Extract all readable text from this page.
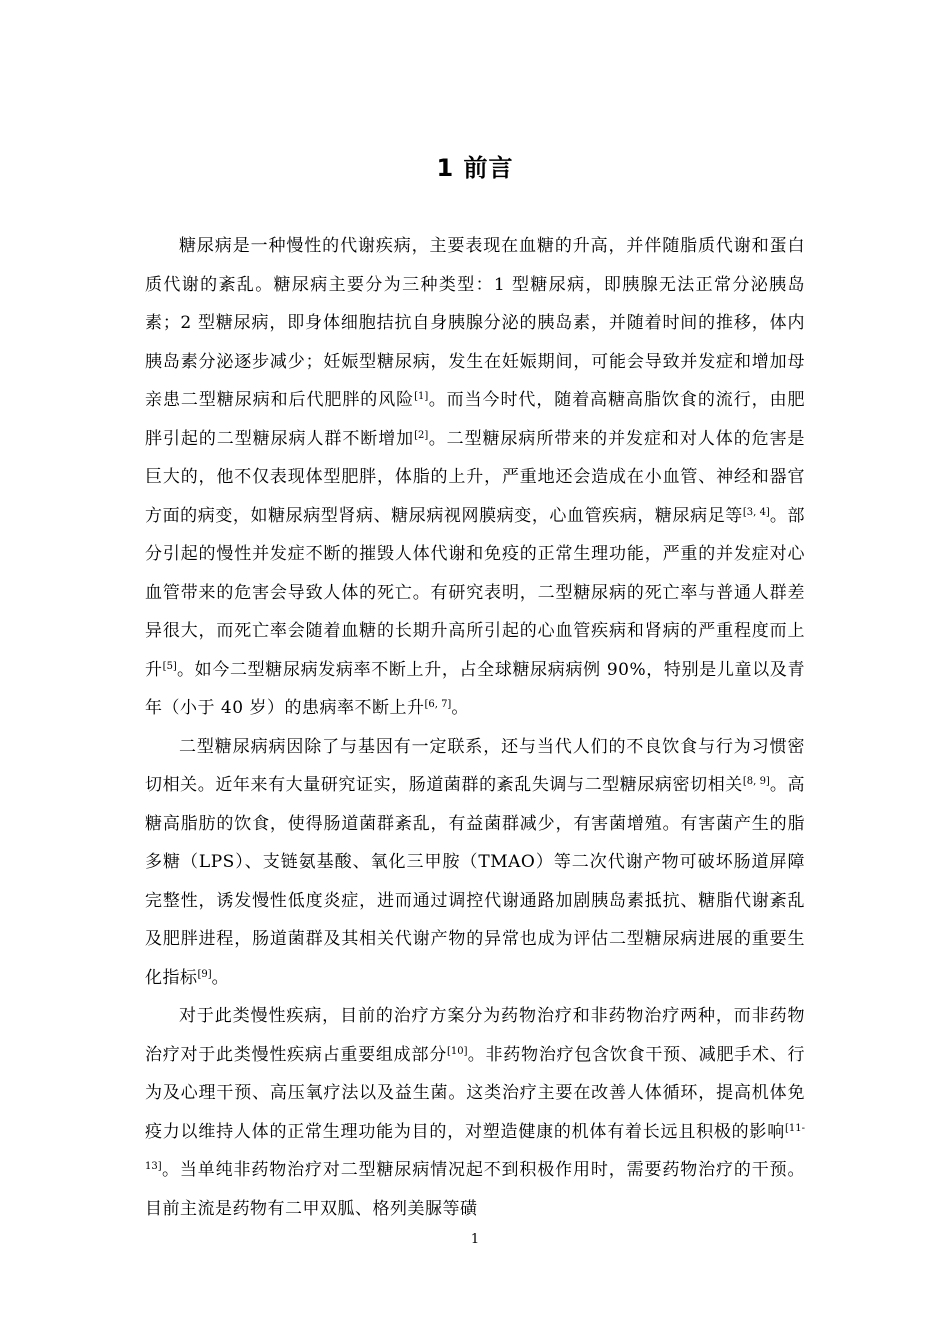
1 前言

糖尿病是一种慢性的代谢疾病，主要表现在血糖的升高，并伴随脂质代谢和蛋白质代谢的紊乱。糖尿病主要分为三种类型：1 型糖尿病，即胰腺无法正常分泌胰岛素；2 型糖尿病，即身体细胞拮抗自身胰腺分泌的胰岛素，并随着时间的推移，体内胰岛素分泌逐步减少；妊娠型糖尿病，发生在妊娠期间，可能会导致并发症和增加母亲患二型糖尿病和后代肥胖的风险[1]。而当今时代，随着高糖高脂饮食的流行，由肥胖引起的二型糖尿病人群不断增加[2]。二型糖尿病所带来的并发症和对人体的危害是巨大的，他不仅表现体型肥胖，体脂的上升，严重地还会造成在小血管、神经和器官方面的病变，如糖尿病型肾病、糖尿病视网膜病变，心血管疾病，糖尿病足等[3, 4]。部分引起的慢性并发症不断的摧毁人体代谢和免疫的正常生理功能，严重的并发症对心血管带来的危害会导致人体的死亡。有研究表明，二型糖尿病的死亡率与普通人群差异很大，而死亡率会随着血糖的长期升高所引起的心血管疾病和肾病的严重程度而上升[5]。如今二型糖尿病发病率不断上升，占全球糖尿病病例 90%，特别是儿童以及青年（小于 40 岁）的患病率不断上升[6, 7]。

二型糖尿病病因除了与基因有一定联系，还与当代人们的不良饮食与行为习惯密切相关。近年来有大量研究证实，肠道菌群的紊乱失调与二型糖尿病密切相关[8, 9]。高糖高脂肪的饮食，使得肠道菌群紊乱，有益菌群减少，有害菌增殖。有害菌产生的脂多糖（LPS）、支链氨基酸、氧化三甲胺（TMAO）等二次代谢产物可破坏肠道屏障完整性，诱发慢性低度炎症，进而通过调控代谢通路加剧胰岛素抵抗、糖脂代谢紊乱及肥胖进程，肠道菌群及其相关代谢产物的异常也成为评估二型糖尿病进展的重要生化指标[9]。

对于此类慢性疾病，目前的治疗方案分为药物治疗和非药物治疗两种，而非药物治疗对于此类慢性疾病占重要组成部分[10]。非药物治疗包含饮食干预、减肥手术、行为及心理干预、高压氧疗法以及益生菌。这类治疗主要在改善人体循环，提高机体免疫力以维持人体的正常生理功能为目的，对塑造健康的机体有着长远且积极的影响[11-13]。当单纯非药物治疗对二型糖尿病情况起不到积极作用时，需要药物治疗的干预。目前主流是药物有二甲双胍、格列美脲等磺

1
